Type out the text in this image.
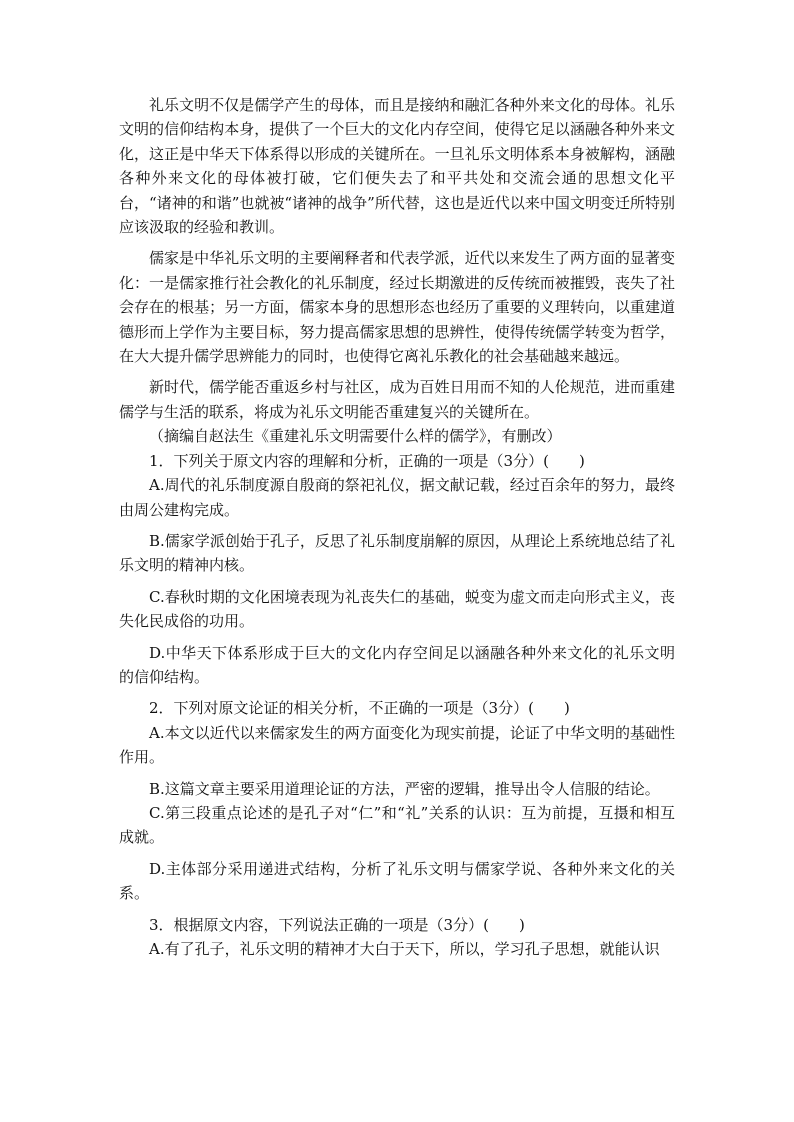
礼乐文明不仅是儒学产生的母体，而且是接纳和融汇各种外来文化的母体。礼乐文明的信仰结构本身，提供了一个巨大的文化内存空间，使得它足以涵融各种外来文化，这正是中华天下体系得以形成的关键所在。一旦礼乐文明体系本身被解构，涵融各种外来文化的母体被打破，它们便失去了和平共处和交流会通的思想文化平台，“诸神的和谐”也就被“诸神的战争”所代替，这也是近代以来中国文明变迁所特别应该汲取的经验和教训。

儒家是中华礼乐文明的主要阐释者和代表学派，近代以来发生了两方面的显著变化：一是儒家推行社会教化的礼乐制度，经过长期激进的反传统而被摧毁，丧失了社会存在的根基；另一方面，儒家本身的思想形态也经历了重要的义理转向，以重建道德形而上学作为主要目标，努力提高儒家思想的思辨性，使得传统儒学转变为哲学，在大大提升儒学思辨能力的同时，也使得它离礼乐教化的社会基础越来越远。

新时代，儒学能否重返乡村与社区，成为百姓日用而不知的人伦规范，进而重建儒学与生活的联系，将成为礼乐文明能否重建复兴的关键所在。

（摘编自赵法生《重建礼乐文明需要什么样的儒学》，有删改）

1．下列关于原文内容的理解和分析，正确的一项是（3分）(　　)

A.周代的礼乐制度源自殷商的祭祀礼仪，据文献记载，经过百余年的努力，最终由周公建构完成。

B.儒家学派创始于孔子，反思了礼乐制度崩解的原因，从理论上系统地总结了礼乐文明的精神内核。

C.春秋时期的文化困境表现为礼丧失仁的基础，蜕变为虚文而走向形式主义，丧失化民成俗的功用。

D.中华天下体系形成于巨大的文化内存空间足以涵融各种外来文化的礼乐文明的信仰结构。

2．下列对原文论证的相关分析，不正确的一项是（3分）(　　)

A.本文以近代以来儒家发生的两方面变化为现实前提，论证了中华文明的基础性作用。

B.这篇文章主要采用道理论证的方法，严密的逻辑，推导出令人信服的结论。

C.第三段重点论述的是孔子对“仁”和“礼”关系的认识：互为前提，互摄和相互成就。

D.主体部分采用递进式结构，分析了礼乐文明与儒家学说、各种外来文化的关系。

3．根据原文内容，下列说法正确的一项是（3分）(　　)

A.有了孔子，礼乐文明的精神才大白于天下，所以，学习孔子思想，就能认识
